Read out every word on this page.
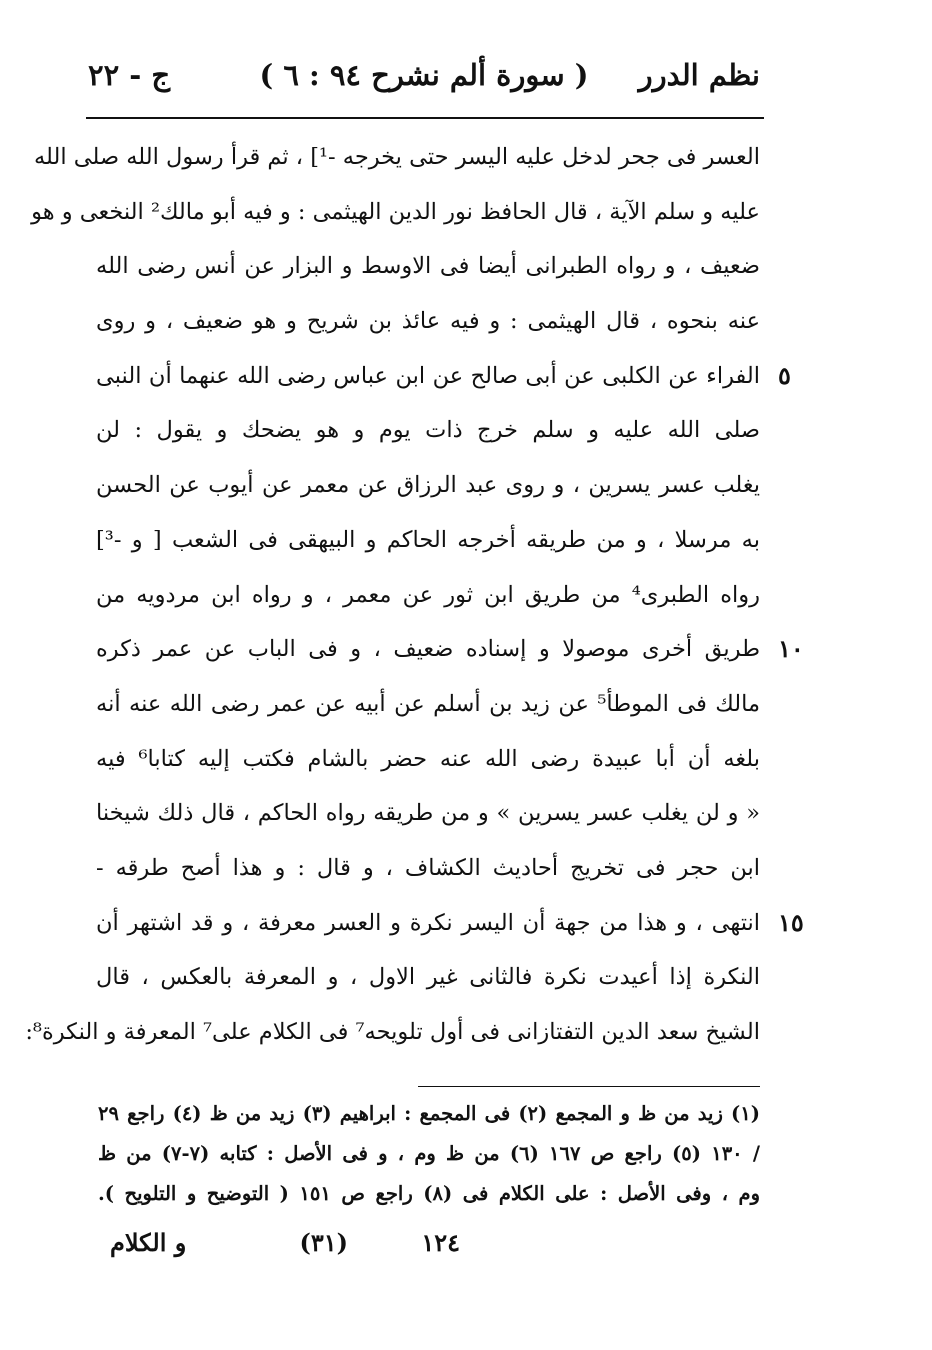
نظم الدرر
( سورة ألم نشرح ٩٤ : ٦ )
ج - ٢٢
العسر فى جحر لدخل عليه اليسر حتى يخرجه -¹] ، ثم قرأ رسول الله صلى الله
عليه و سلم الآية ، قال الحافظ نور الدين الهيثمى : و فيه أبو مالك² النخعى و هو
ضعيف ، و رواه الطبرانى أيضا فى الاوسط و البزار عن أنس رضى الله
عنه بنحوه ، قال الهيثمى : و فيه عائذ بن شريح و هو ضعيف ، و روى
٥
الفراء عن الكلبى عن أبى صالح عن ابن عباس رضى الله عنهما أن النبى
صلى الله عليه و سلم خرج ذات يوم و هو يضحك و يقول : لن
يغلب عسر يسرين ، و روى عبد الرزاق عن معمر عن أيوب عن الحسن
به مرسلا ، و من طريقه أخرجه الحاكم و البيهقى فى الشعب [ و -³]
رواه الطبرى⁴ من طريق ابن ثور عن معمر ، و رواه ابن مردويه من
١٠
طريق أخرى موصولا و إسناده ضعيف ، و فى الباب عن عمر ذكره
مالك فى الموطأ⁵ عن زيد بن أسلم عن أبيه عن عمر رضى الله عنه أنه
بلغه أن أبا عبيدة رضى الله عنه حضر بالشام فكتب إليه كتابا⁶ فيه
« و لن يغلب عسر يسرين » و من طريقه رواه الحاكم ، قال ذلك شيخنا
ابن حجر فى تخريج أحاديث الكشاف ، و قال : و هذا أصح طرقه -
١٥
انتهى ، و هذا من جهة أن اليسر نكرة و العسر معرفة ، و قد اشتهر أن
النكرة إذا أعيدت نكرة فالثانى غير الاول ، و المعرفة بالعكس ، قال
الشيخ سعد الدين التفتازانى فى أول تلويحه⁷ فى الكلام على⁷ المعرفة و النكرة⁸:
(١) زيد من ظ و المجمع (٢) فى المجمع : ابراهيم (٣) زيد من ظ (٤) راجع ٢٩
/ ١٣٠ (٥) راجع ص ١٦٧ (٦) من ظ وم ، و فى الأصل : كتابه (٧-٧) من ظ
وم ، وفى الأصل : على الكلام فى (٨) راجع ص ١٥١ ( التوضيح و التلويح ).
١٢٤
(٣١)
و الكلام
